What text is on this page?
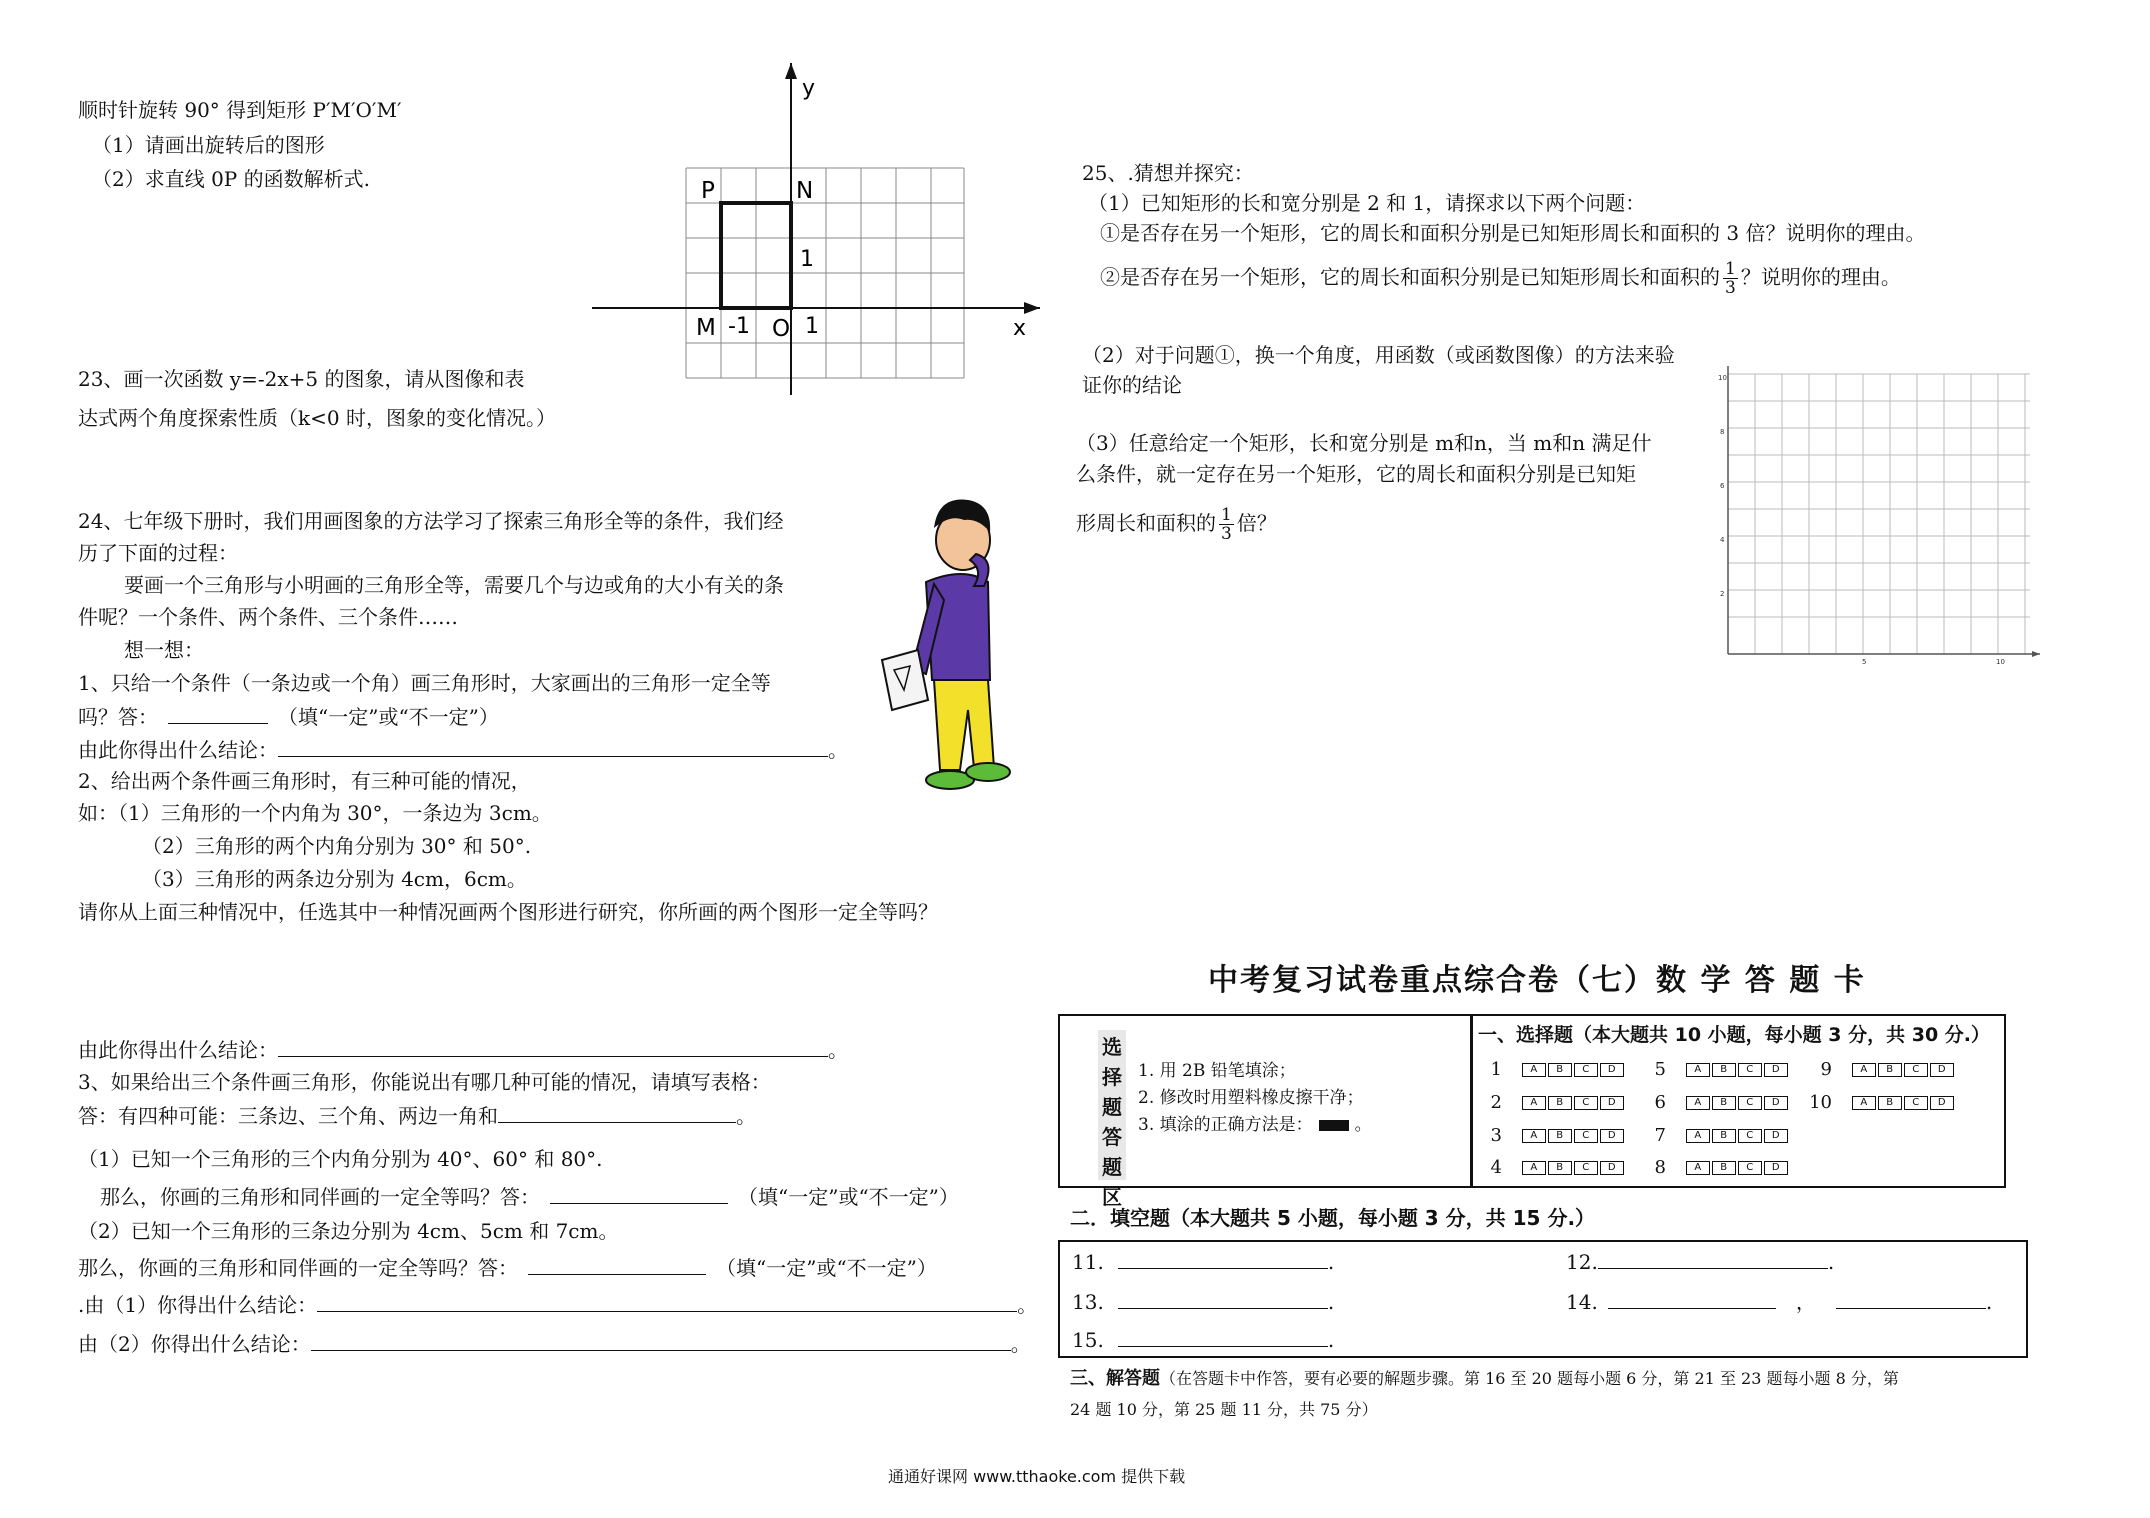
顺时针旋转 90° 得到矩形 P′M′O′M′
（1）请画出旋转后的图形
（2）求直线 0P 的函数解析式.
y
x
P	N
M O
-1	1
1
23、画一次函数 y=-2x+5 的图象，请从图像和表
达式两个角度探索性质（k<0 时，图象的变化情况。）
24、七年级下册时，我们用画图象的方法学习了探索三角形全等的条件，我们经
历了下面的过程：
要画一个三角形与小明画的三角形全等，需要几个与边或角的大小有关的条
件呢？一个条件、两个条件、三个条件……
想一想：
1、只给一个条件（一条边或一个角）画三角形时，大家画出的三角形一定全等
吗？答：	（填“一定”或“不一定”）
由此你得出什么结论：	。
2、给出两个条件画三角形时，有三种可能的情况，
如：（1）三角形的一个内角为 30°，一条边为 3cm。
（2）三角形的两个内角分别为 30° 和 50°.
（3）三角形的两条边分别为 4cm，6cm。
请你从上面三种情况中，任选其中一种情况画两个图形进行研究，你所画的两个图形一定全等吗？
由此你得出什么结论：	。
3、如果给出三个条件画三角形，你能说出有哪几种可能的情况，请填写表格：
答：有四种可能：三条边、三个角、两边一角和	。
（1）已知一个三角形的三个内角分别为 40°、60° 和 80°.
那么，你画的三角形和同伴画的一定全等吗？答：	（填“一定”或“不一定”）
（2）已知一个三角形的三条边分别为 4cm、5cm 和 7cm。
那么，你画的三角形和同伴画的一定全等吗？答：	（填“一定”或“不一定”）
.由（1）你得出什么结论：	。
由（2）你得出什么结论：	。
25、.猜想并探究：
（1）已知矩形的长和宽分别是 2 和 1，请探求以下两个问题：
①是否存在另一个矩形，它的周长和面积分别是已知矩形周长和面积的 3 倍？说明你的理由。
②是否存在另一个矩形，它的周长和面积分别是已知矩形周长和面积的 $\frac{1}{3}$ ？说明你的理由。
（2）对于问题①，换一个角度，用函数（或函数图像）的方法来验
证你的结论
（3）任意给定一个矩形，长和宽分别是 m和n，当 m和n 满足什
么条件，就一定存在另一个矩形，它的周长和面积分别是已知矩
形周长和面积的 $\frac{1}{3}$ 倍？
10
8
6
4
2
5	10
中考复习试卷重点综合卷（七）数 学 答 题 卡
选
择
题
答
题
区
1. 用 2B 铅笔填涂；
2. 修改时用塑料橡皮擦干净；
3. 填涂的正确方法是： 。
一、选择题（本大题共 10 小题，每小题 3 分，共 30 分.）
1	A B C D
2	A B C D
3	A B C D
4	A B C D
5	A B C D
6	A B C D
7	A B C D
8	A B C D
9	A B C D
10	A B C D
二．填空题（本大题共 5 小题，每小题 3 分，共 15 分.）
11.	.	12.	.
13.	.	14.	，	.
15.	.
三、解答题（在答题卡中作答，要有必要的解题步骤。第 16 至 20 题每小题 6 分，第 21 至 23 题每小题 8 分，第
24 题 10 分，第 25 题 11 分，共 75 分）
通通好课网 www.tthaoke.com 提供下载
